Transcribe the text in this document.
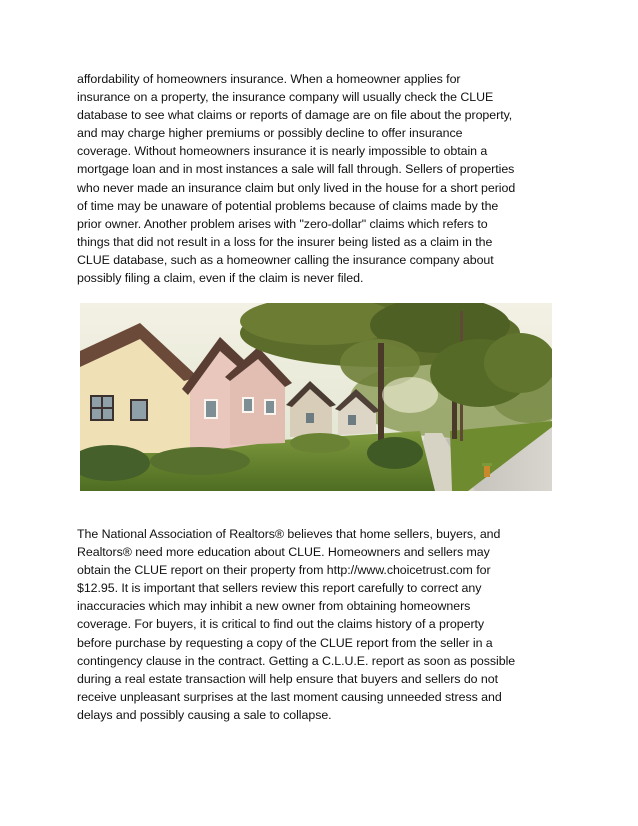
affordability of homeowners insurance. When a homeowner applies for
insurance on a property, the insurance company will usually check the CLUE
database to see what claims or reports of damage are on file about the property,
and may charge higher premiums or possibly decline to offer insurance
coverage. Without homeowners insurance it is nearly impossible to obtain a
mortgage loan and in most instances a sale will fall through. Sellers of properties
who never made an insurance claim but only lived in the house for a short period
of time may be unaware of potential problems because of claims made by the
prior owner. Another problem arises with "zero-dollar" claims which refers to
things that did not result in a loss for the insurer being listed as a claim in the
CLUE database, such as a homeowner calling the insurance company about
possibly filing a claim, even if the claim is never filed.

The National Association of Realtors® believes that home sellers, buyers, and
Realtors® need more education about CLUE. Homeowners and sellers may
obtain the CLUE report on their property from http://www.choicetrust.com for
$12.95. It is important that sellers review this report carefully to correct any
inaccuracies which may inhibit a new owner from obtaining homeowners
coverage. For buyers, it is critical to find out the claims history of a property
before purchase by requesting a copy of the CLUE report from the seller in a
contingency clause in the contract. Getting a C.L.U.E. report as soon as possible
during a real estate transaction will help ensure that buyers and sellers do not
receive unpleasant surprises at the last moment causing unneeded stress and
delays and possibly causing a sale to collapse.
